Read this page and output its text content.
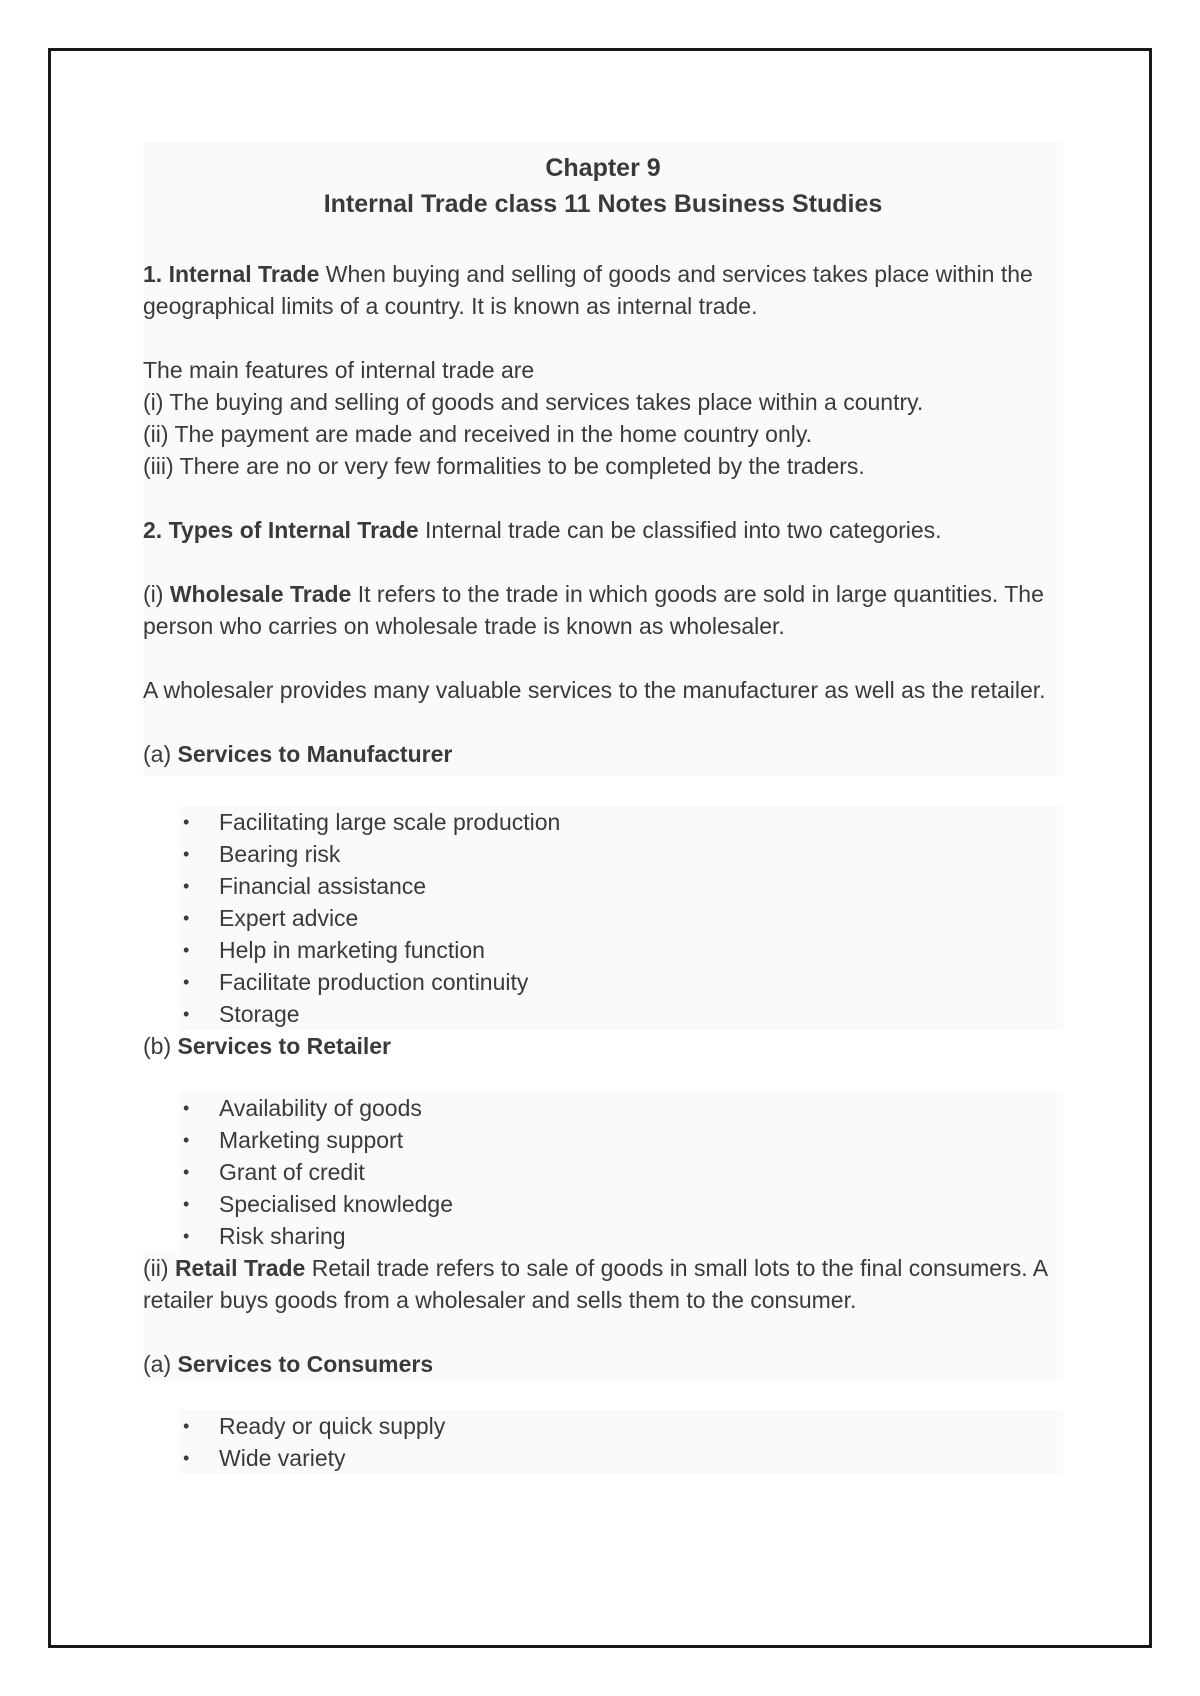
Chapter 9
Internal Trade class 11 Notes Business Studies

1. Internal Trade When buying and selling of goods and services takes place within the geographical limits of a country. It is known as internal trade.

The main features of internal trade are

(i) The buying and selling of goods and services takes place within a country.

(ii) The payment are made and received in the home country only.

(iii) There are no or very few formalities to be completed by the traders.

2. Types of Internal Trade Internal trade can be classified into two categories.

(i) Wholesale Trade It refers to the trade in which goods are sold in large quantities. The person who carries on wholesale trade is known as wholesaler.

A wholesaler provides many valuable services to the manufacturer as well as the retailer.

(a) Services to Manufacturer

• Facilitating large scale production
• Bearing risk
• Financial assistance
• Expert advice
• Help in marketing function
• Facilitate production continuity
• Storage

(b) Services to Retailer

• Availability of goods
• Marketing support
• Grant of credit
• Specialised knowledge
• Risk sharing

(ii) Retail Trade Retail trade refers to sale of goods in small lots to the final consumers. A retailer buys goods from a wholesaler and sells them to the consumer.

(a) Services to Consumers

• Ready or quick supply
• Wide variety
